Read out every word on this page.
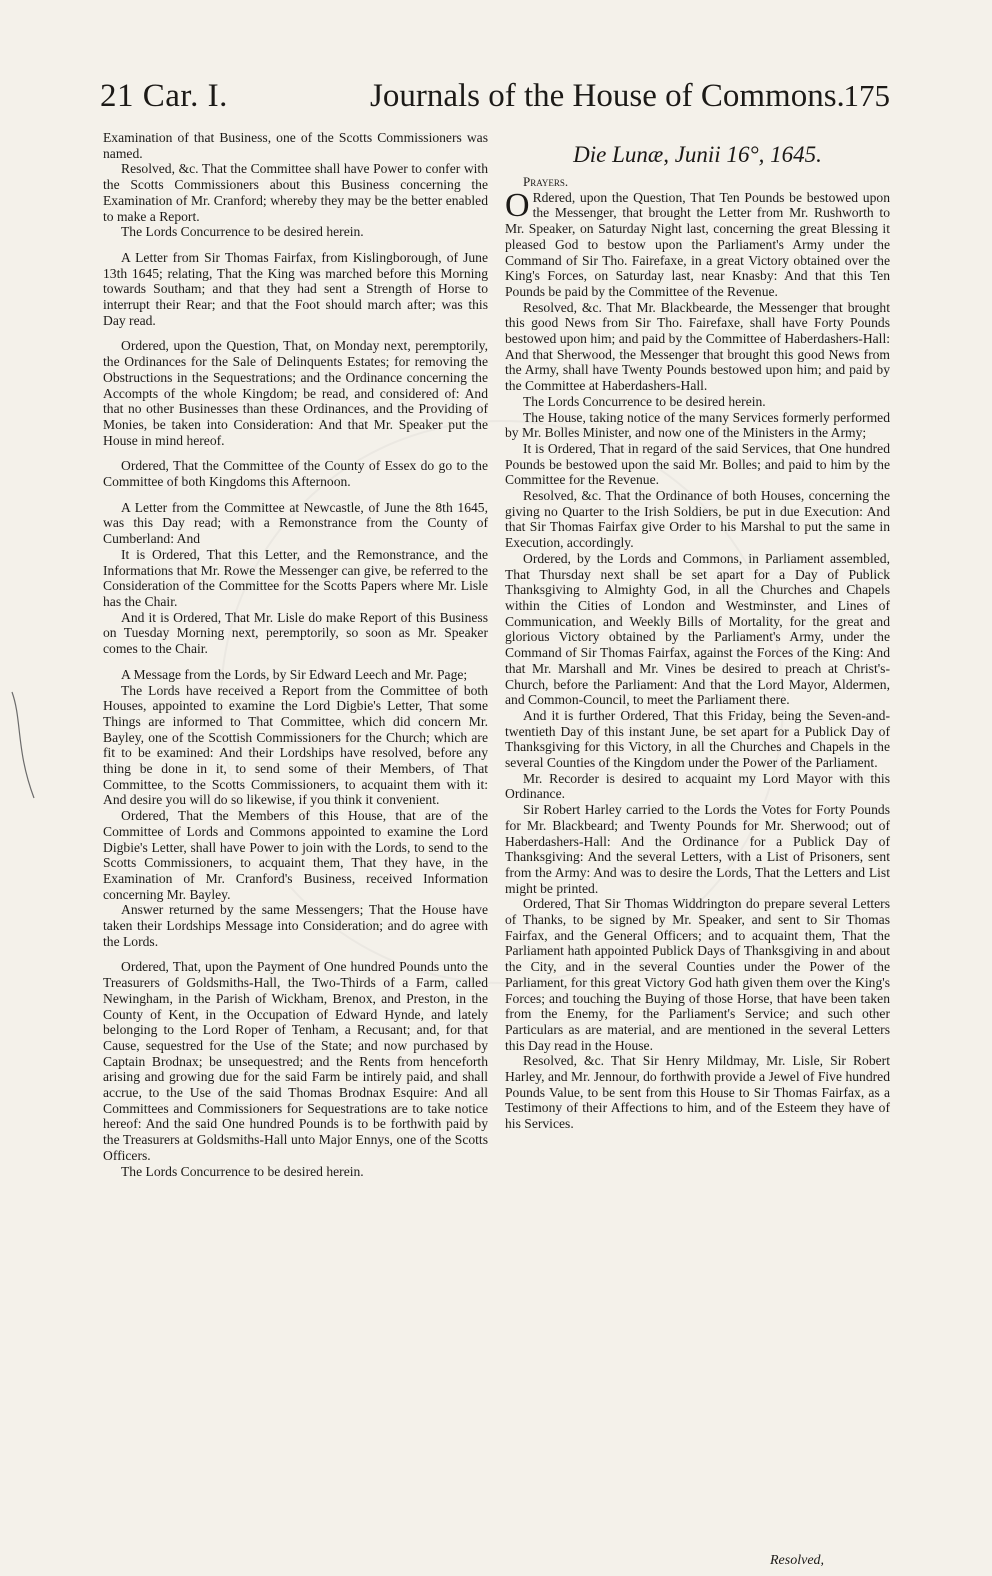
21 Car. I.	Journals of the House of Commons.
175

Examination of that Business, one of the Scotts Commissioners was named.

Resolved, &c. That the Committee shall have Power to confer with the Scotts Commissioners about this Business concerning the Examination of Mr. Cranford; whereby they may be the better enabled to make a Report.

The Lords Concurrence to be desired herein.

A Letter from Sir Thomas Fairfax, from Kislingborough, of June 13th 1645; relating, That the King was marched before this Morning towards Southam; and that they had sent a Strength of Horse to interrupt their Rear; and that the Foot should march after; was this Day read.

Ordered, upon the Question, That, on Monday next, peremptorily, the Ordinances for the Sale of Delinquents Estates; for removing the Obstructions in the Sequestrations; and the Ordinance concerning the Accompts of the whole Kingdom; be read, and considered of: And that no other Businesses than these Ordinances, and the Providing of Monies, be taken into Consideration: And that Mr. Speaker put the House in mind hereof.

Ordered, That the Committee of the County of Essex do go to the Committee of both Kingdoms this Afternoon.

A Letter from the Committee at Newcastle, of June the 8th 1645, was this Day read; with a Remonstrance from the County of Cumberland: And

It is Ordered, That this Letter, and the Remonstrance, and the Informations that Mr. Rowe the Messenger can give, be referred to the Consideration of the Committee for the Scotts Papers where Mr. Lisle has the Chair.

And it is Ordered, That Mr. Lisle do make Report of this Business on Tuesday Morning next, peremptorily, so soon as Mr. Speaker comes to the Chair.

A Message from the Lords, by Sir Edward Leech and Mr. Page;

The Lords have received a Report from the Committee of both Houses, appointed to examine the Lord Digbie's Letter, That some Things are informed to That Committee, which did concern Mr. Bayley, one of the Scottish Commissioners for the Church; which are fit to be examined: And their Lordships have resolved, before any thing be done in it, to send some of their Members, of That Committee, to the Scotts Commissioners, to acquaint them with it: And desire you will do so likewise, if you think it convenient.

Ordered, That the Members of this House, that are of the Committee of Lords and Commons appointed to examine the Lord Digbie's Letter, shall have Power to join with the Lords, to send to the Scotts Commissioners, to acquaint them, That they have, in the Examination of Mr. Cranford's Business, received Information concerning Mr. Bayley.

Answer returned by the same Messengers; That the House have taken their Lordships Message into Consideration; and do agree with the Lords.

Ordered, That, upon the Payment of One hundred Pounds unto the Treasurers of Goldsmiths-Hall, the Two-Thirds of a Farm, called Newingham, in the Parish of Wickham, Brenox, and Preston, in the County of Kent, in the Occupation of Edward Hynde, and lately belonging to the Lord Roper of Tenham, a Recusant; and, for that Cause, sequestred for the Use of the State; and now purchased by Captain Brodnax; be unsequestred; and the Rents from henceforth arising and growing due for the said Farm be intirely paid, and shall accrue, to the Use of the said Thomas Brodnax Esquire: And all Committees and Commissioners for Sequestrations are to take notice hereof: And the said One hundred Pounds is to be forthwith paid by the Treasurers at Goldsmiths-Hall unto Major Ennys, one of the Scotts Officers.

The Lords Concurrence to be desired herein.

Die Lunæ, Junii 16°, 1645.

Prayers.

O Rdered, upon the Question, That Ten Pounds be bestowed upon the Messenger, that brought the Letter from Mr. Rushworth to Mr. Speaker, on Saturday Night last, concerning the great Blessing it pleased God to bestow upon the Parliament's Army under the Command of Sir Tho. Fairefaxe, in a great Victory obtained over the King's Forces, on Saturday last, near Knasby: And that this Ten Pounds be paid by the Committee of the Revenue.

Resolved, &c. That Mr. Blackbearde, the Messenger that brought this good News from Sir Tho. Fairefaxe, shall have Forty Pounds bestowed upon him; and paid by the Committee of Haberdashers-Hall: And that Sherwood, the Messenger that brought this good News from the Army, shall have Twenty Pounds bestowed upon him; and paid by the Committee at Haberdashers-Hall.

The Lords Concurrence to be desired herein.

The House, taking notice of the many Services formerly performed by Mr. Bolles Minister, and now one of the Ministers in the Army;

It is Ordered, That in regard of the said Services, that One hundred Pounds be bestowed upon the said Mr. Bolles; and paid to him by the Committee for the Revenue.

Resolved, &c. That the Ordinance of both Houses, concerning the giving no Quarter to the Irish Soldiers, be put in due Execution: And that Sir Thomas Fairfax give Order to his Marshal to put the same in Execution, accordingly.

Ordered, by the Lords and Commons, in Parliament assembled, That Thursday next shall be set apart for a Day of Publick Thanksgiving to Almighty God, in all the Churches and Chapels within the Cities of London and Westminster, and Lines of Communication, and Weekly Bills of Mortality, for the great and glorious Victory obtained by the Parliament's Army, under the Command of Sir Thomas Fairfax, against the Forces of the King: And that Mr. Marshall and Mr. Vines be desired to preach at Christ's-Church, before the Parliament: And that the Lord Mayor, Aldermen, and Common-Council, to meet the Parliament there.

And it is further Ordered, That this Friday, being the Seven-and-twentieth Day of this instant June, be set apart for a Publick Day of Thanksgiving for this Victory, in all the Churches and Chapels in the several Counties of the Kingdom under the Power of the Parliament.

Mr. Recorder is desired to acquaint my Lord Mayor with this Ordinance.

Sir Robert Harley carried to the Lords the Votes for Forty Pounds for Mr. Blackbeard; and Twenty Pounds for Mr. Sherwood; out of Haberdashers-Hall: And the Ordinance for a Publick Day of Thanksgiving: And the several Letters, with a List of Prisoners, sent from the Army: And was to desire the Lords, That the Letters and List might be printed.

Ordered, That Sir Thomas Widdrington do prepare several Letters of Thanks, to be signed by Mr. Speaker, and sent to Sir Thomas Fairfax, and the General Officers; and to acquaint them, That the Parliament hath appointed Publick Days of Thanksgiving in and about the City, and in the several Counties under the Power of the Parliament, for this great Victory God hath given them over the King's Forces; and touching the Buying of those Horse, that have been taken from the Enemy, for the Parliament's Service; and such other Particulars as are material, and are mentioned in the several Letters this Day read in the House.

Resolved, &c. That Sir Henry Mildmay, Mr. Lisle, Sir Robert Harley, and Mr. Jennour, do forthwith provide a Jewel of Five hundred Pounds Value, to be sent from this House to Sir Thomas Fairfax, as a Testimony of their Affections to him, and of the Esteem they have of his Services.

Resolved,
